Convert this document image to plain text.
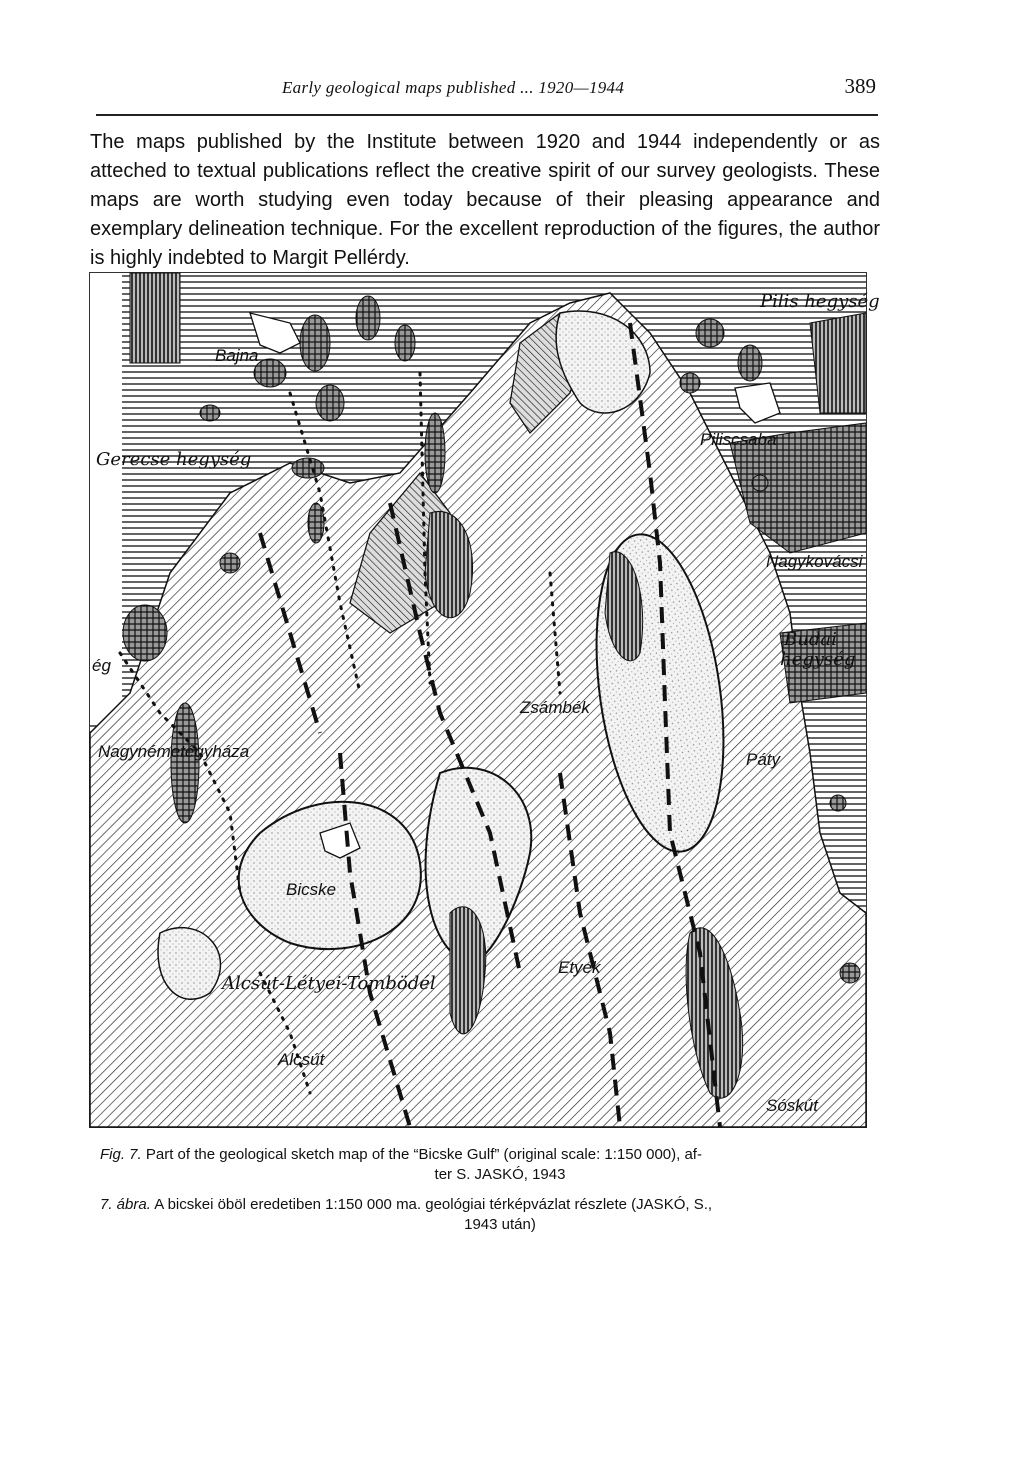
Early geological maps published ... 1920—1944	389

The maps published by the Institute between 1920 and 1944 independently or as atteched to textual publications reflect the creative spirit of our survey geologists. These maps are worth studying even today because of their pleasing appearance and exemplary delineation technique. For the excellent reproduction of the figures, the author is highly indebted to Margit Pellérdy.

Bajna
Gerecse hegység
Pilis hegység
Piliscsaba
Nagykovácsi
Budai
hegység
ég
Nagynémetégyháza
Zsámbék
Páty
Bicske
Alcsút-Létyei-Tombödél
Alcsút
Etyek
Sóskút
Fig. 7. Part of the geological sketch map of the “Bicske Gulf” (original scale: 1:150 000), af-
ter S. JASKÓ, 1943
7. ábra. A bicskei öböl eredetiben 1:150 000 ma. geológiai térképvázlat részlete (JASKÓ, S.,
1943 után)
